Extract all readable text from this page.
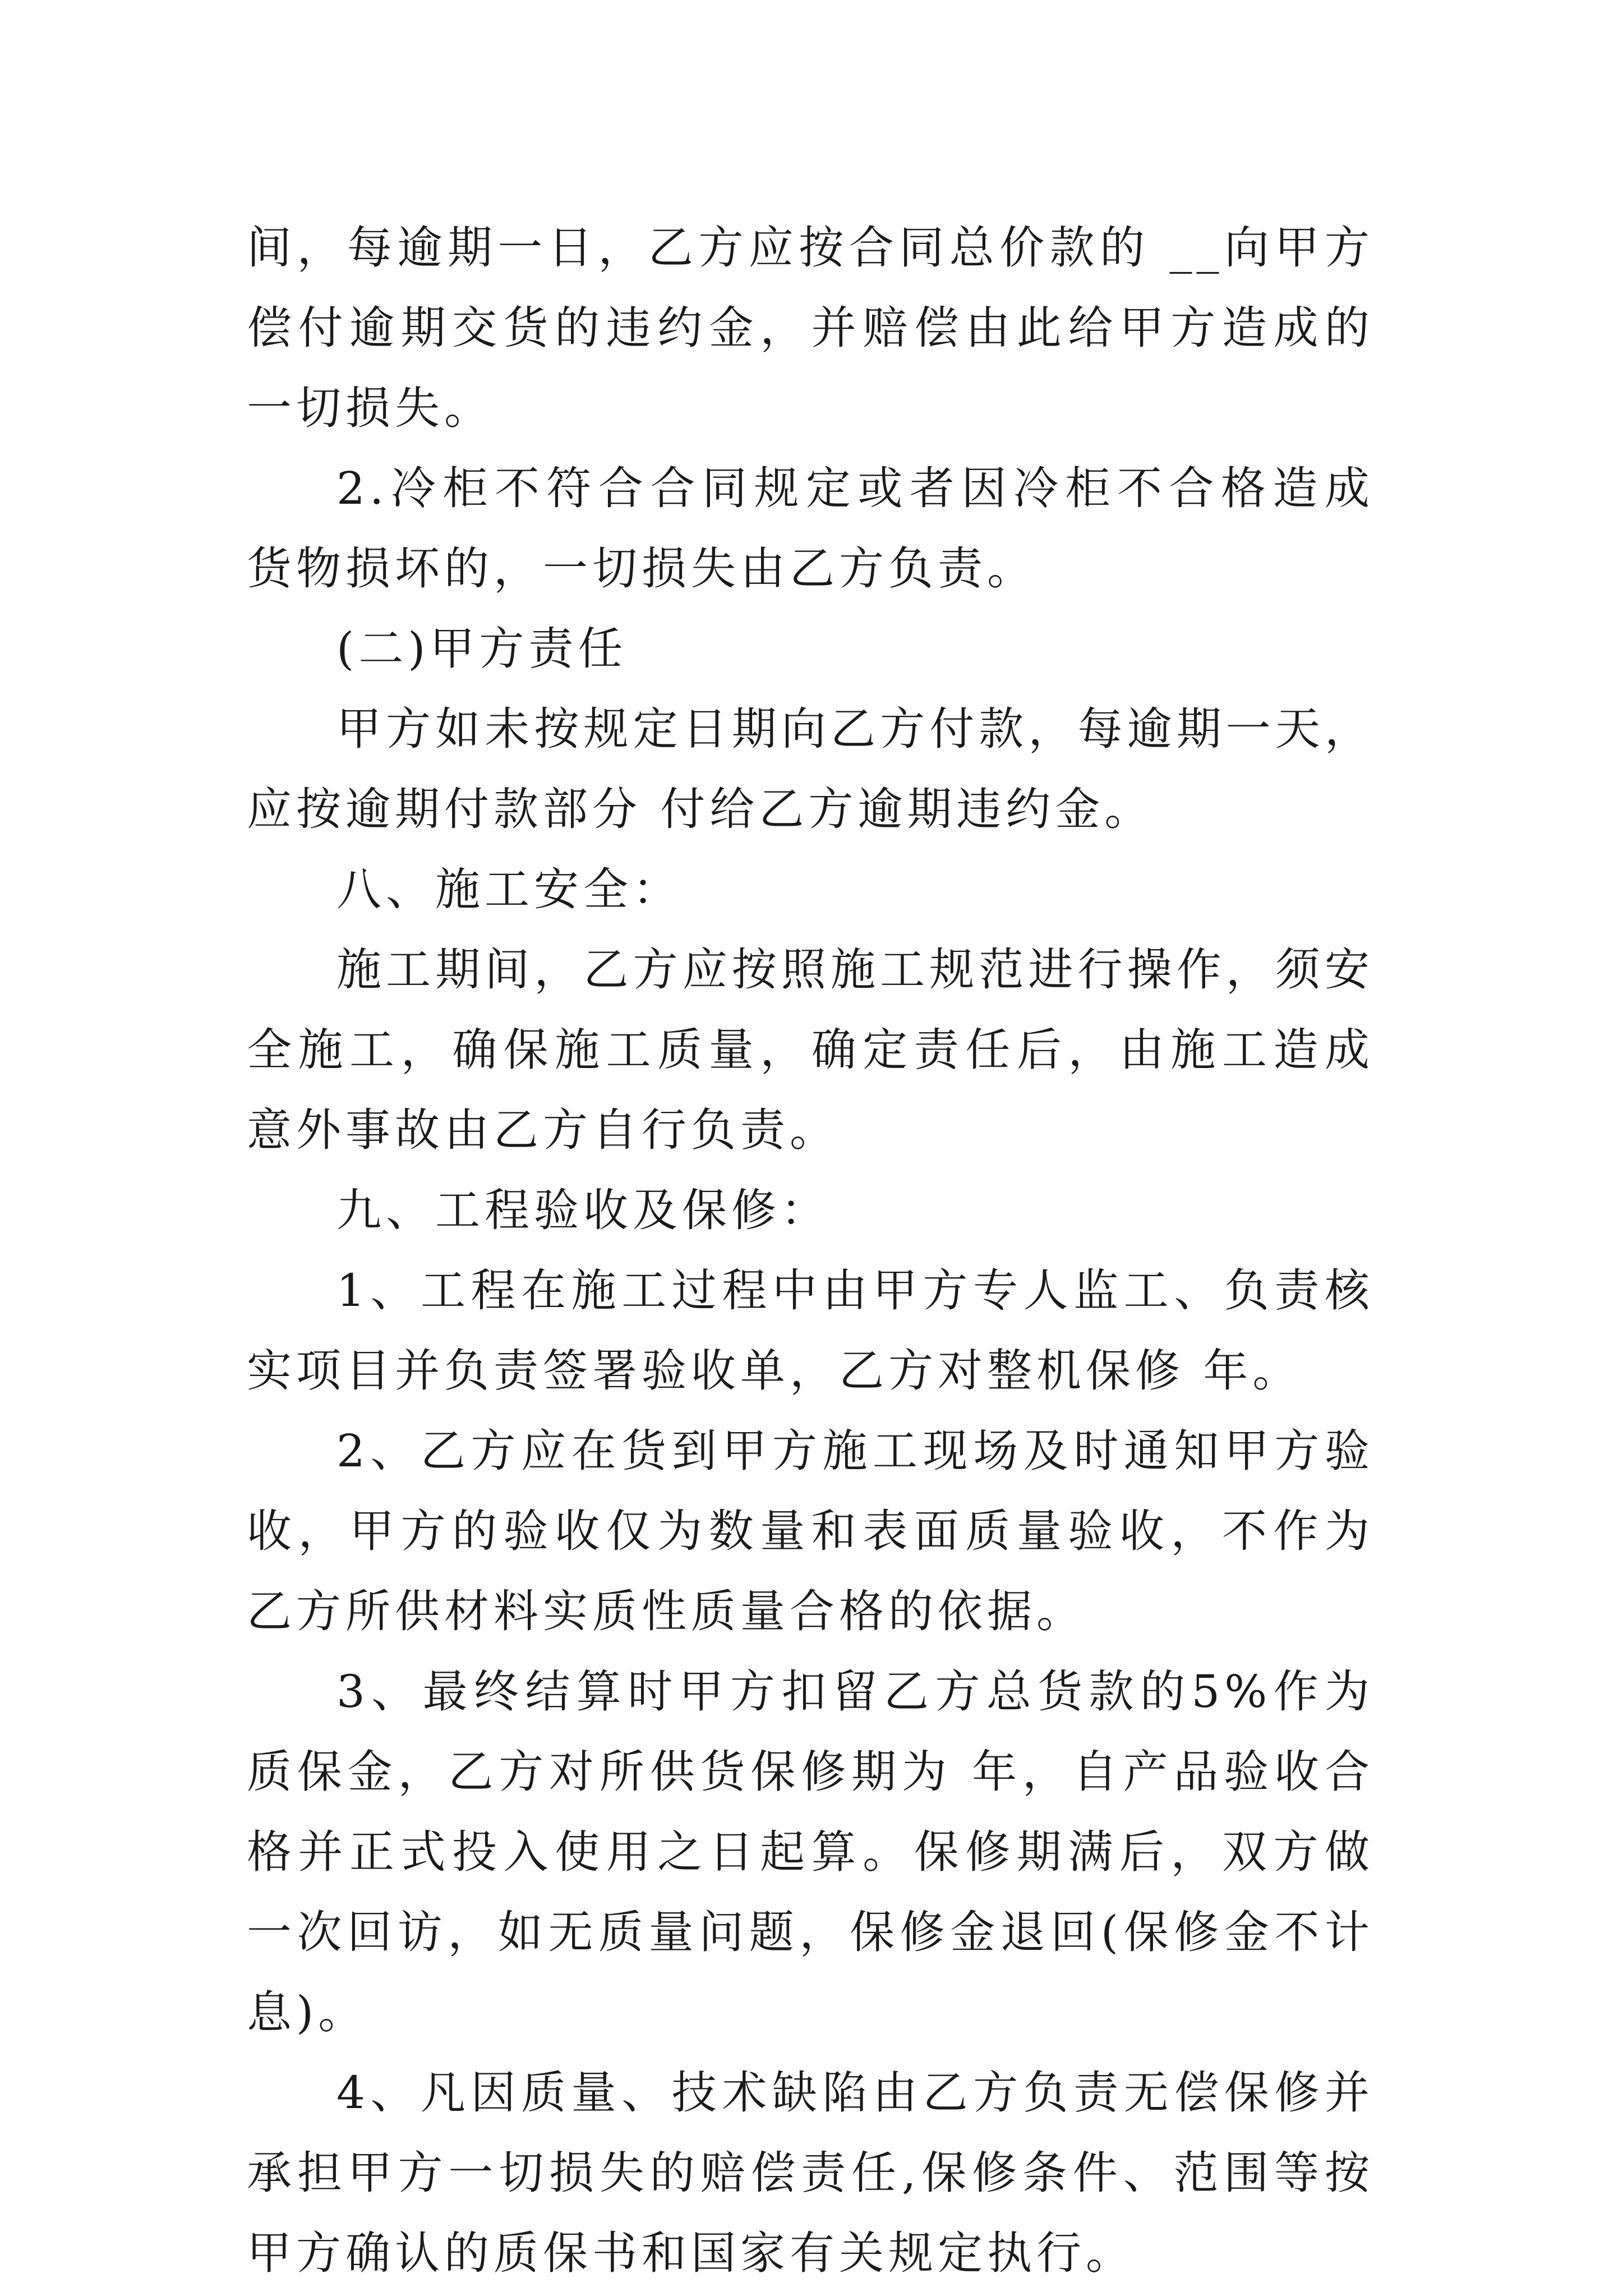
间，每逾期一日，乙方应按合同总价款的 __向甲方偿付逾期交货的违约金，并赔偿由此给甲方造成的一切损失。

2.冷柜不符合合同规定或者因冷柜不合格造成货物损坏的，一切损失由乙方负责。

(二)甲方责任

甲方如未按规定日期向乙方付款，每逾期一天，应按逾期付款部分 付给乙方逾期违约金。

八、施工安全：

施工期间，乙方应按照施工规范进行操作，须安全施工，确保施工质量，确定责任后，由施工造成意外事故由乙方自行负责。

九、工程验收及保修：

1、工程在施工过程中由甲方专人监工、负责核实项目并负责签署验收单，乙方对整机保修 年。

2、乙方应在货到甲方施工现场及时通知甲方验收，甲方的验收仅为数量和表面质量验收，不作为乙方所供材料实质性质量合格的依据。

3、最终结算时甲方扣留乙方总货款的5%作为质保金，乙方对所供货保修期为 年，自产品验收合格并正式投入使用之日起算。保修期满后，双方做一次回访，如无质量问题，保修金退回(保修金不计息)。

4、凡因质量、技术缺陷由乙方负责无偿保修并承担甲方一切损失的赔偿责任,保修条件、范围等按甲方确认的质保书和国家有关规定执行。
